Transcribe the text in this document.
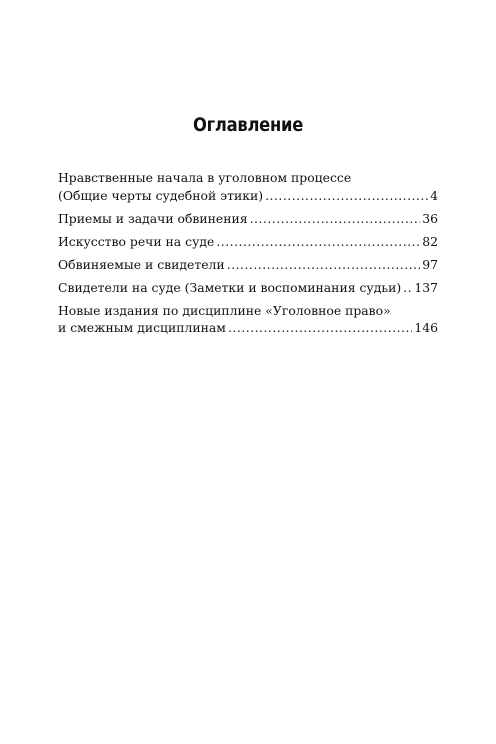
Оглавление
Нравственные начала в уголовном процессе
(Общие черты судебной этики) .....	4
Приемы и задачи обвинения .....	36
Искусство речи на суде .....	82
Обвиняемые и свидетели .....	97
Свидетели на суде (Заметки и воспоминания судьи) ..... 137
Новые издания по дисциплине «Уголовное право»
и смежным дисциплинам .....	146
